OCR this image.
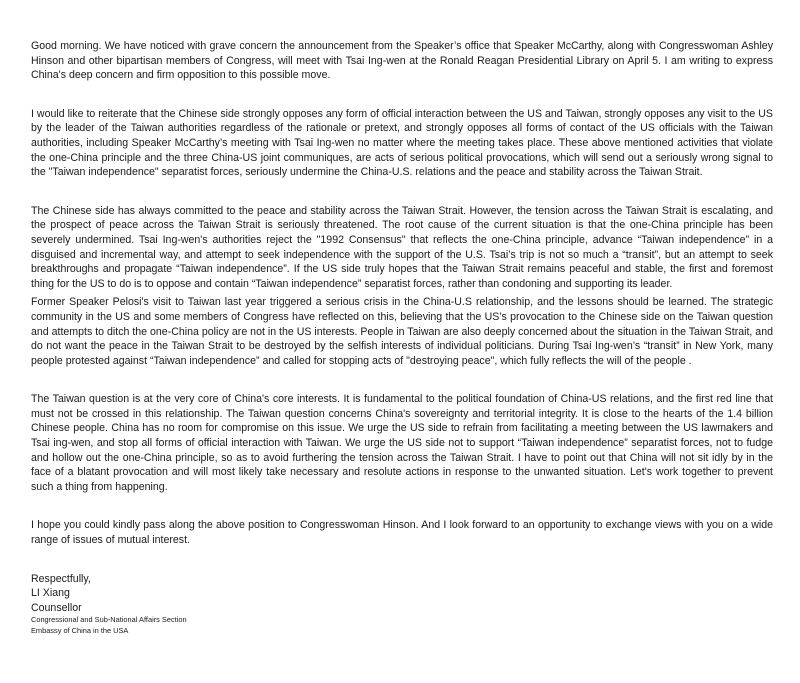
Good morning. We have noticed with grave concern the announcement from the Speaker’s office that Speaker McCarthy, along with Congresswoman Ashley Hinson and other bipartisan members of Congress, will meet with Tsai Ing-wen at the Ronald Reagan Presidential Library on April 5. I am writing to express China's deep concern and firm opposition to this possible move.

I would like to reiterate that the Chinese side strongly opposes any form of official interaction between the US and Taiwan, strongly opposes any visit to the US by the leader of the Taiwan authorities regardless of the rationale or pretext, and strongly opposes all forms of contact of the US officials with the Taiwan authorities, including Speaker McCarthy’s meeting with Tsai Ing-wen no matter where the meeting takes place. These above mentioned activities that violate the one-China principle and the three China-US joint communiques, are acts of serious political provocations, which will send out a seriously wrong signal to the "Taiwan independence" separatist forces, seriously undermine the China-U.S. relations and the peace and stability across the Taiwan Strait.

The Chinese side has always committed to the peace and stability across the Taiwan Strait. However, the tension across the Taiwan Strait is escalating, and the prospect of peace across the Taiwan Strait is seriously threatened. The root cause of the current situation is that the one-China principle has been severely undermined. Tsai Ing-wen's authorities reject the "1992 Consensus" that reflects the one-China principle, advance “Taiwan independence” in a disguised and incremental way, and attempt to seek independence with the support of the U.S. Tsai’s trip is not so much a “transit”, but an attempt to seek breakthroughs and propagate “Taiwan independence”. If the US side truly hopes that the Taiwan Strait remains peaceful and stable, the first and foremost thing for the US to do is to oppose and contain “Taiwan independence” separatist forces, rather than condoning and supporting its leader.

Former Speaker Pelosi's visit to Taiwan last year triggered a serious crisis in the China-U.S relationship, and the lessons should be learned. The strategic community in the US and some members of Congress have reflected on this, believing that the US’s provocation to the Chinese side on the Taiwan question and attempts to ditch the one-China policy are not in the US interests. People in Taiwan are also deeply concerned about the situation in the Taiwan Strait, and do not want the peace in the Taiwan Strait to be destroyed by the selfish interests of individual politicians. During Tsai Ing-wen’s “transit” in New York, many people protested against “Taiwan independence” and called for stopping acts of "destroying peace", which fully reflects the will of the people .

The Taiwan question is at the very core of China's core interests. It is fundamental to the political foundation of China-US relations, and the first red line that must not be crossed in this relationship. The Taiwan question concerns China's sovereignty and territorial integrity. It is close to the hearts of the 1.4 billion Chinese people. China has no room for compromise on this issue. We urge the US side to refrain from facilitating a meeting between the US lawmakers and Tsai ing-wen, and stop all forms of official interaction with Taiwan. We urge the US side not to support “Taiwan independence” separatist forces, not to fudge and hollow out the one-China principle, so as to avoid furthering the tension across the Taiwan Strait. I have to point out that China will not sit idly by in the face of a blatant provocation and will most likely take necessary and resolute actions in response to the unwanted situation. Let's work together to prevent such a thing from happening.

I hope you could kindly pass along the above position to Congresswoman Hinson. And I look forward to an opportunity to exchange views with you on a wide range of issues of mutual interest.

Respectfully,
LI Xiang
Counsellor
Congressional and Sub-National Affairs Section
Embassy of China in the USA
